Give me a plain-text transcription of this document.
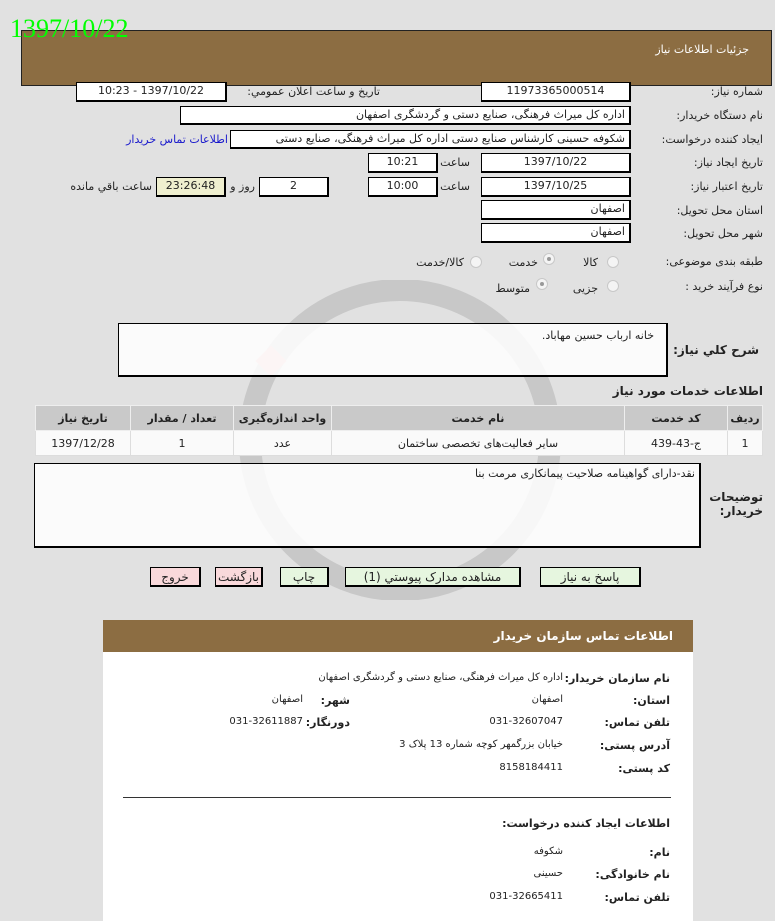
جزئیات اطلاعات نیاز
1397/10/22
شماره نیاز:
11973365000514
تاریخ و ساعت اعلان عمومي:
1397/10/22 - 10:23
نام دستگاه خریدار:
اداره کل میراث فرهنگی، صنایع دستی و گردشگری اصفهان
ایجاد کننده درخواست:
شکوفه حسینی کارشناس صنایع دستی اداره کل میراث فرهنگی، صنایع دستی
اطلاعات تماس خریدار
تاریخ ایجاد نیاز:
1397/10/22
ساعت
10:21
تاریخ اعتبار نیاز:
1397/10/25
ساعت
10:00
2
روز و
23:26:48
ساعت باقي مانده
استان محل تحویل:
اصفهان
شهر محل تحویل:
اصفهان
طبقه بندی موضوعی:
کالا
خدمت
کالا/خدمت
نوع فرآیند خرید :
جزیی
متوسط
شرح کلي نیاز:
خانه ارباب حسین مهاباد.
اطلاعات خدمات مورد نیاز
ردیف	کد خدمت	نام خدمت	واحد اندازه‌گیری	تعداد / مقدار	تاریخ نیاز
1	ج-43-439	سایر فعالیت‌های تخصصی ساختمان	عدد	1	1397/12/28
توضیحات خریدار:
نقد-دارای گواهینامه صلاحیت پیمانکاری مرمت بنا
پاسخ به نیاز
مشاهده مدارک پیوستي (1)
چاپ
بازگشت
خروج
اطلاعات تماس سازمان خریدار
نام سازمان خریدار:
اداره کل میراث فرهنگی، صنایع دستی و گردشگری اصفهان
استان:
اصفهان
شهر:
اصفهان
تلفن تماس:
031-32607047
دورنگار:
031-32611887
آدرس پستی:
خیابان بزرگمهر کوچه شماره 13 پلاک 3
کد پستی:
8158184411
اطلاعات ایجاد کننده درخواست:
نام:
شکوفه
نام خانوادگی:
حسینی
تلفن تماس:
031-32665411
